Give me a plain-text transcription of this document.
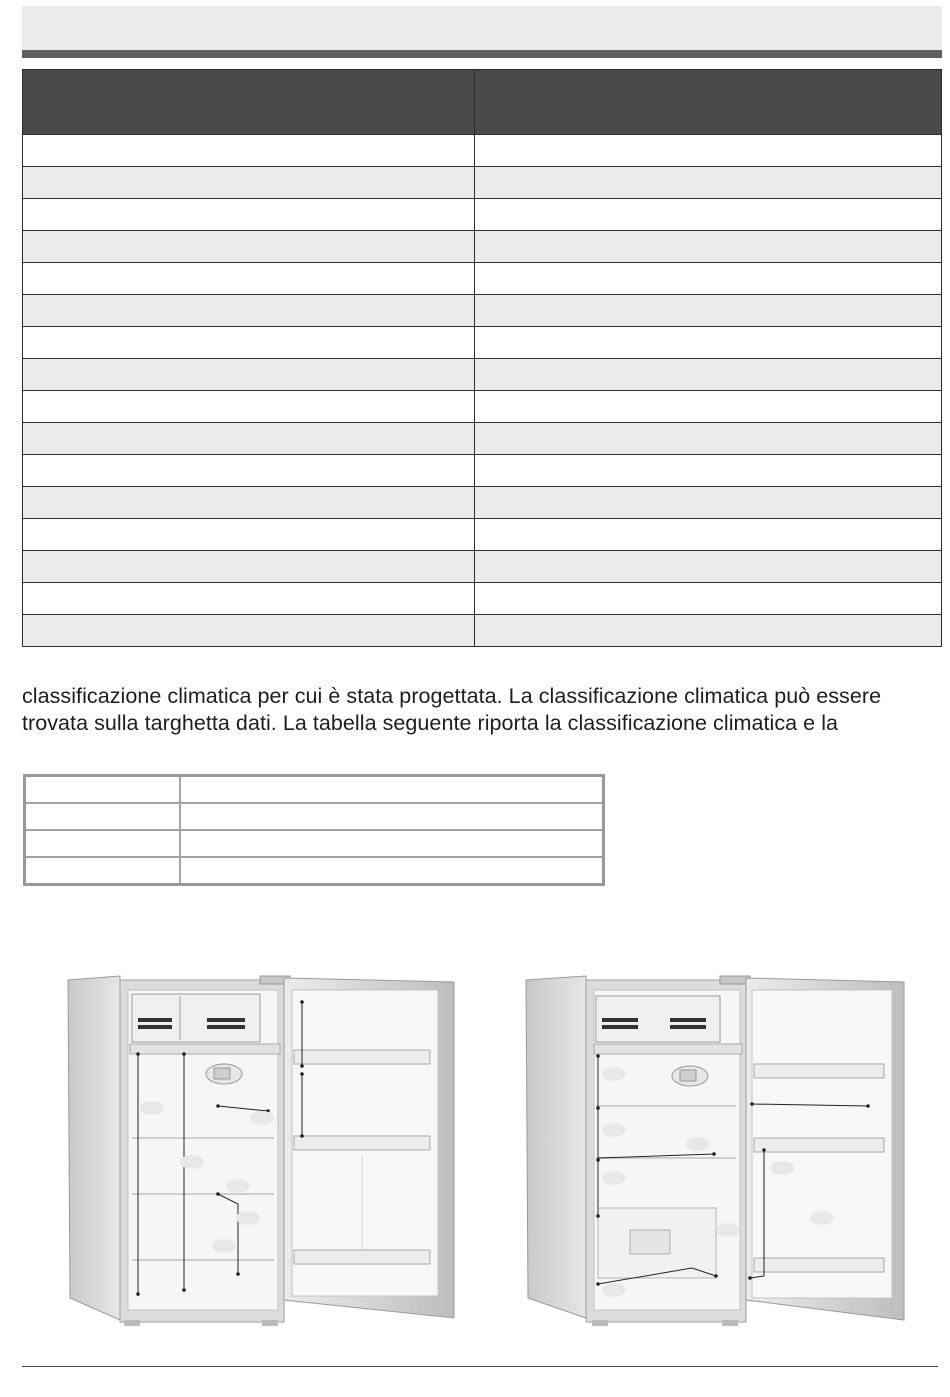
classificazione climatica per cui è stata progettata. La classificazione climatica può essere
trovata sulla targhetta dati. La tabella seguente riporta la classificazione climatica e la
